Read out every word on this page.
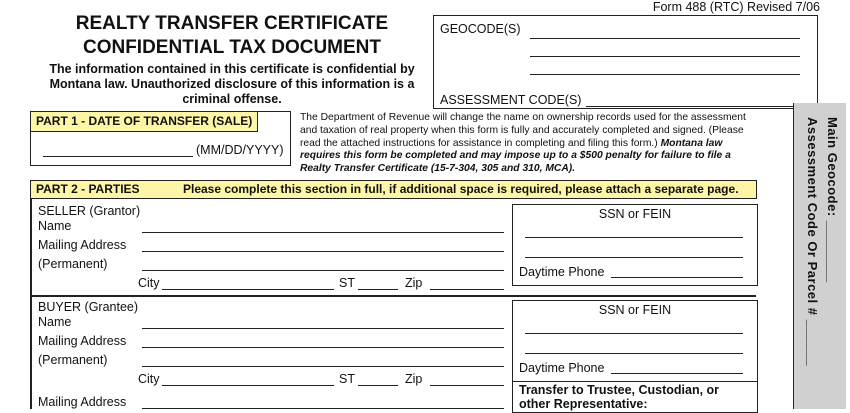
Form 488 (RTC) Revised 7/06
REALTY TRANSFER CERTIFICATE
CONFIDENTIAL TAX DOCUMENT
The information contained in this certificate is confidential by
Montana law. Unauthorized disclosure of this information is a
criminal offense.
GEOCODE(S)
ASSESSMENT CODE(S)
PART 1 - DATE OF TRANSFER (SALE)
(MM/DD/YYYY)
The Department of Revenue will change the name on ownership records used for the assessment and taxation of real property when this form is fully and accurately completed and signed. (Please read the attached instructions for assistance in completing and filing this form.) Montana law requires this form be completed and may impose up to a $500 penalty for failure to file a Realty Transfer Certificate (15-7-304, 305 and 310, MCA).
PART 2 - PARTIES	Please complete this section in full, if additional space is required, please attach a separate page.
SELLER (Grantor)
Name
Mailing Address
(Permanent)
City	ST	Zip
SSN or FEIN
Daytime Phone
BUYER (Grantee)
Name
Mailing Address
(Permanent)
City	ST	Zip
Mailing Address
SSN or FEIN
Daytime Phone
Transfer to Trustee, Custodian, or
other Representative:
Main Geocode: ________
Assessment Code Or Parcel # ______
